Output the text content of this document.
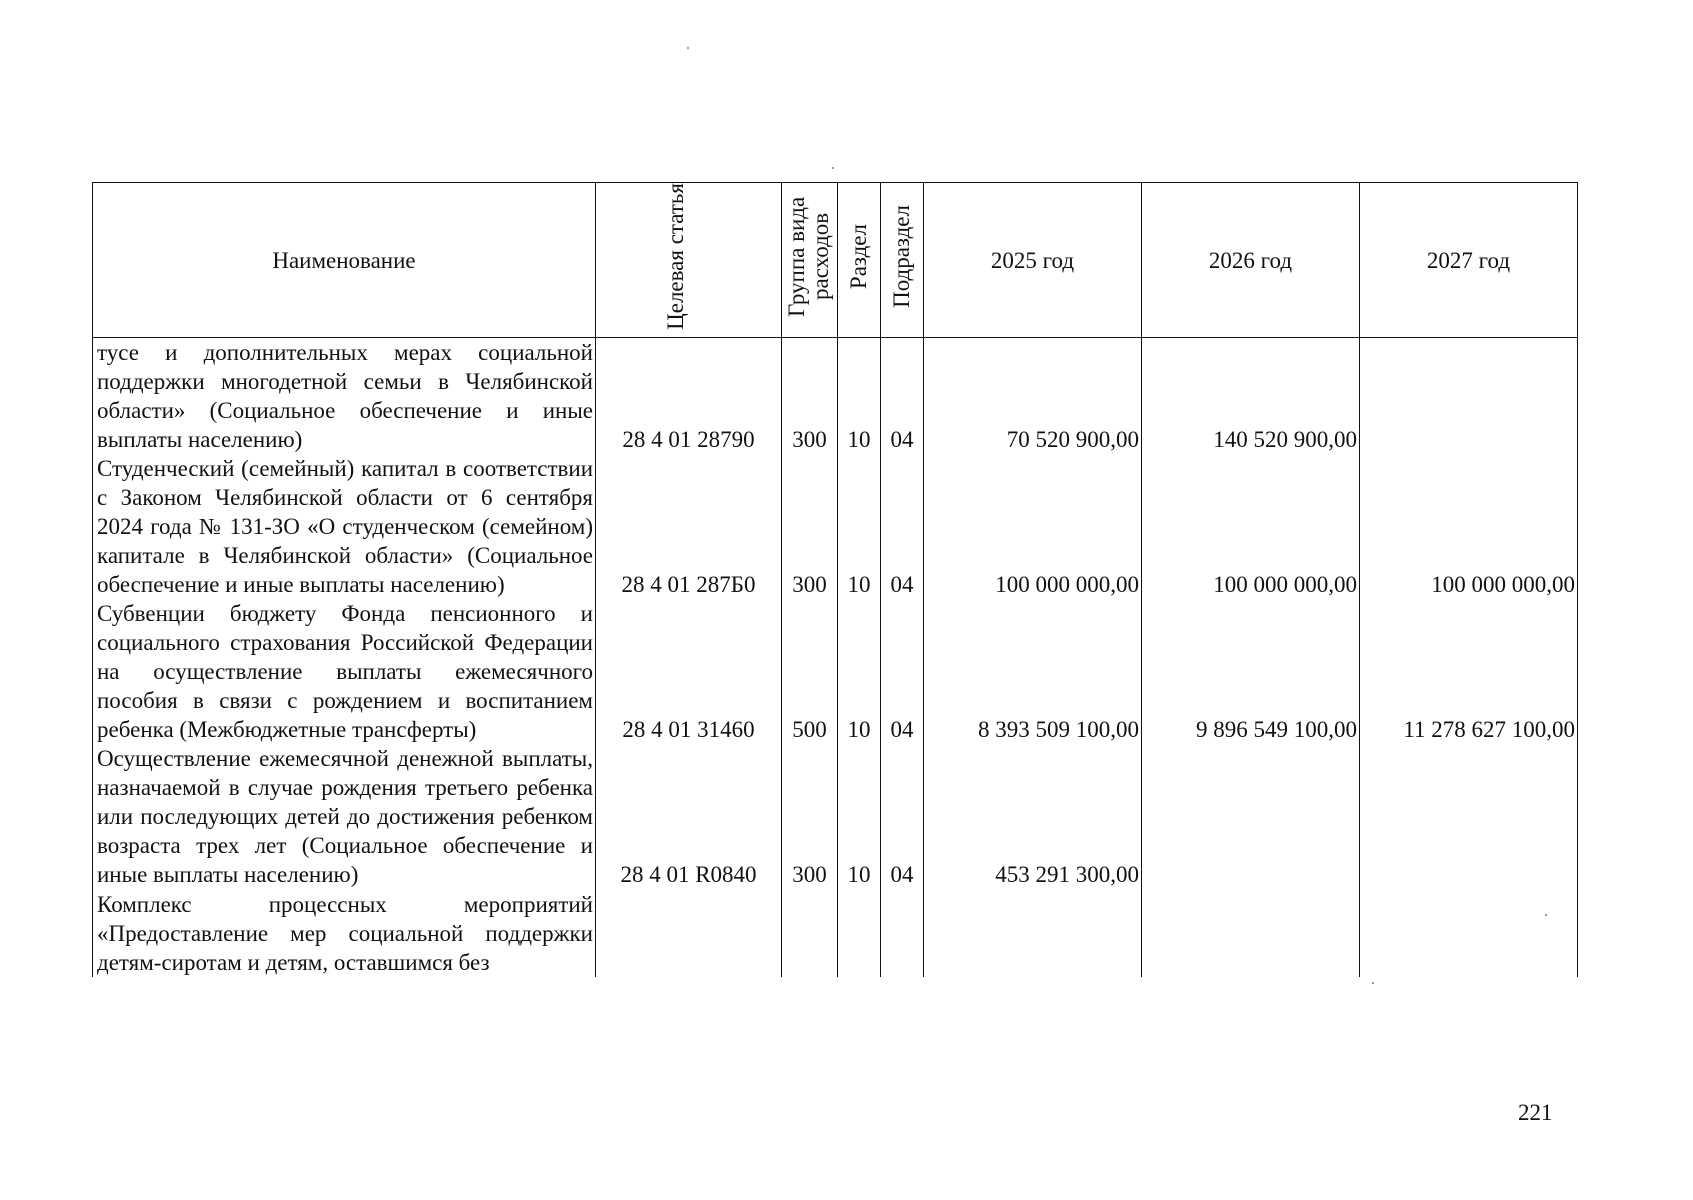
Наименование	Целевая статья	Группа вида расходов	Раздел	Подраздел	2025 год	2026 год	2027 год
тусе и дополнительных мерах социальной поддержки многодетной семьи в Челябинской области» (Социальное обеспечение и иные выплаты населению)	28 4 01 28790	300	10	04	70 520 900,00	140 520 900,00	
Студенческий (семейный) капитал в соответствии с Законом Челябинской области от 6 сентября 2024 года № 131-ЗО «О студенческом (семейном) капитале в Челябинской области» (Социальное обеспечение и иные выплаты населению)	28 4 01 287Б0	300	10	04	100 000 000,00	100 000 000,00	100 000 000,00
Субвенции бюджету Фонда пенсионного и социального страхования Российской Федерации на осуществление выплаты ежемесячного пособия в связи с рождением и воспитанием ребенка (Межбюджетные трансферты)	28 4 01 31460	500	10	04	8 393 509 100,00	9 896 549 100,00	11 278 627 100,00
Осуществление ежемесячной денежной выплаты, назначаемой в случае рождения третьего ребенка или последующих детей до достижения ребенком возраста трех лет (Социальное обеспечение и иные выплаты населению)	28 4 01 R0840	300	10	04	453 291 300,00		
Комплекс процессных мероприятий «Предоставление мер социальной поддержки детям-сиротам и детям, оставшимся без							
221
